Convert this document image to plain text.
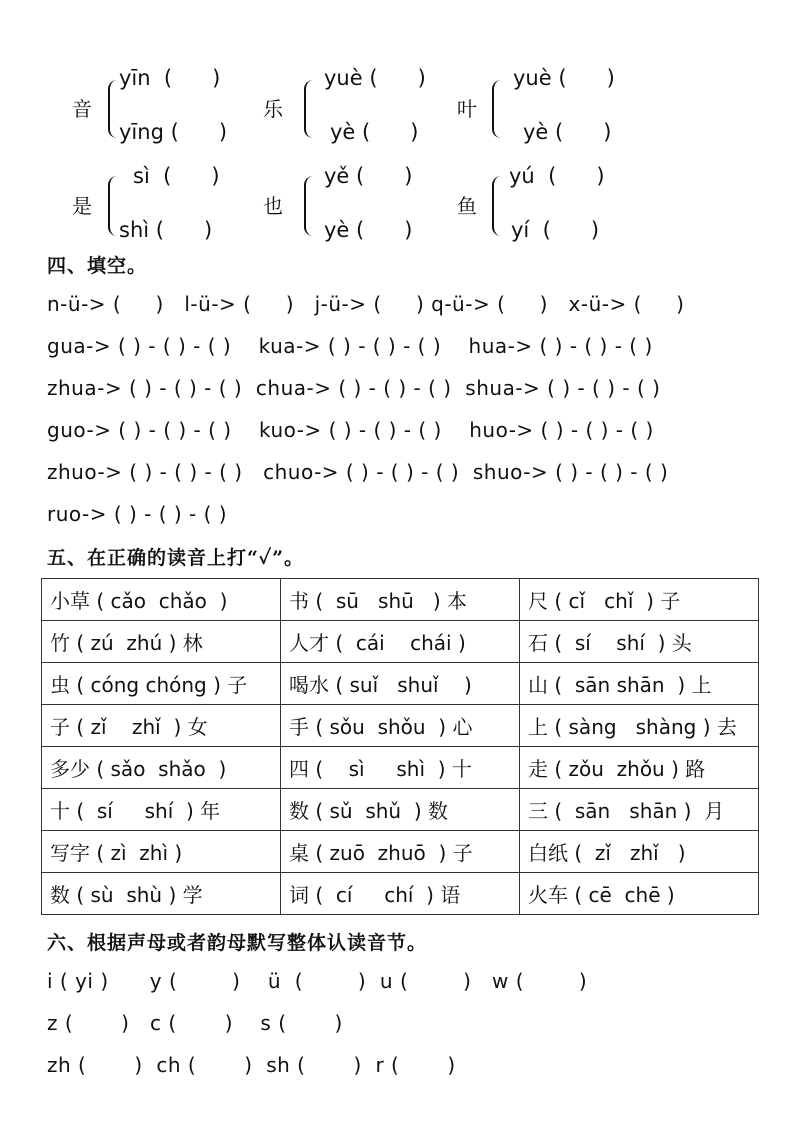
音
yīn  (      )
yīng (      )
乐
yuè (      )
yè (      )
叶
yuè (      )
yè (      )
是
sì  (      )
shì (      )
也
yě (      )
yè (      )
鱼
yú  (      )
yí  (      )
四、填空。
n-ü-> (     )   l-ü-> (     )   j-ü-> (     ) q-ü-> (     )   x-ü-> (     )
gua-> ( ) - ( ) - ( )    kua-> ( ) - ( ) - ( )    hua-> ( ) - ( ) - ( )
zhua-> ( ) - ( ) - ( )  chua-> ( ) - ( ) - ( )  shua-> ( ) - ( ) - ( )
guo-> ( ) - ( ) - ( )    kuo-> ( ) - ( ) - ( )    huo-> ( ) - ( ) - ( )
zhuo-> ( ) - ( ) - ( )   chuo-> ( ) - ( ) - ( )  shuo-> ( ) - ( ) - ( )
ruo-> ( ) - ( ) - ( )
五、在正确的读音上打“✓”。
小草 ( cǎo  chǎo  )	书 (  sū   shū   ) 本	尺 ( cǐ   chǐ  ) 子
竹 ( zú  zhú ) 林	人才 (  cái    chái )	石 (  sí    shí  ) 头
虫 ( cóng chóng ) 子	喝水 ( suǐ   shuǐ    )	山 (  sān shān  ) 上
子 ( zǐ    zhǐ  ) 女	手 ( sǒu  shǒu  ) 心	上 ( sàng   shàng ) 去
多少 ( sǎo  shǎo  )	四 (    sì     shì  ) 十	走 ( zǒu  zhǒu ) 路
十 (  sí     shí  ) 年	数 ( sǔ  shǔ  ) 数	三 (  sān   shān )  月
写字 ( zì  zhì )	桌 ( zuō  zhuō  ) 子	白纸 (  zǐ   zhǐ   )
数 ( sù  shù ) 学	词 (  cí     chí  ) 语	火车 ( cē  chē )
六、根据声母或者韵母默写整体认读音节。
i ( yi )      y (        )    ü  (        )  u (        )   w (        )
z (       )   c (       )    s (       )
zh (       )  ch (       )  sh (       )  r (       )
